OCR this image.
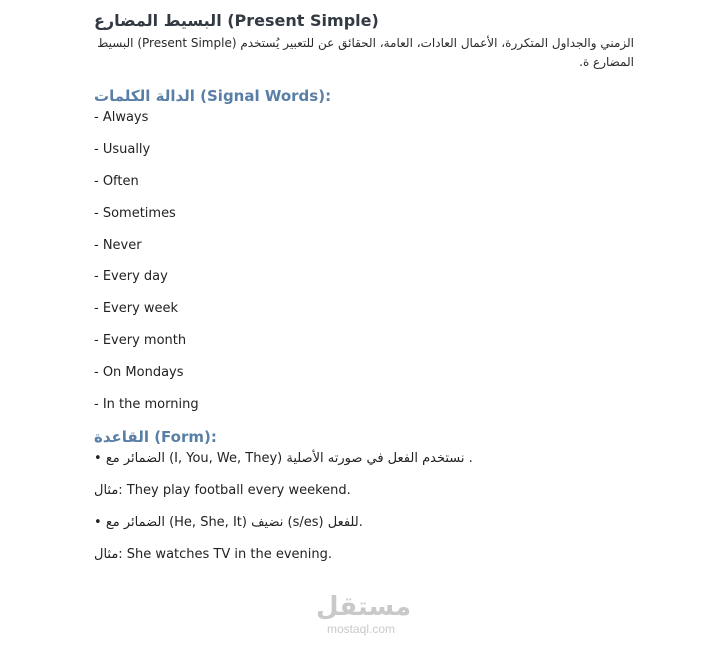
البسيط المضارع (Present Simple)
الزمني والجداول المتكررة، الأعمال العادات، العامة، الحقائق عن للتعبير يُستخدم (Present Simple) البسيط المضارع ة.
الدالة الكلمات (Signal Words):
- Always
- Usually
- Often
- Sometimes
- Never
- Every day
- Every week
- Every month
- On Mondays
- In the morning
القاعدة (Form):
• الضمائر مع (I, You, We, They) نستخدم الفعل في صورته الأصلية .
مثال: They play football every weekend.
• الضمائر مع (He, She, It) نضيف (s/es) للفعل.
مثال: She watches TV in the evening.
مستقل
mostaql.com
